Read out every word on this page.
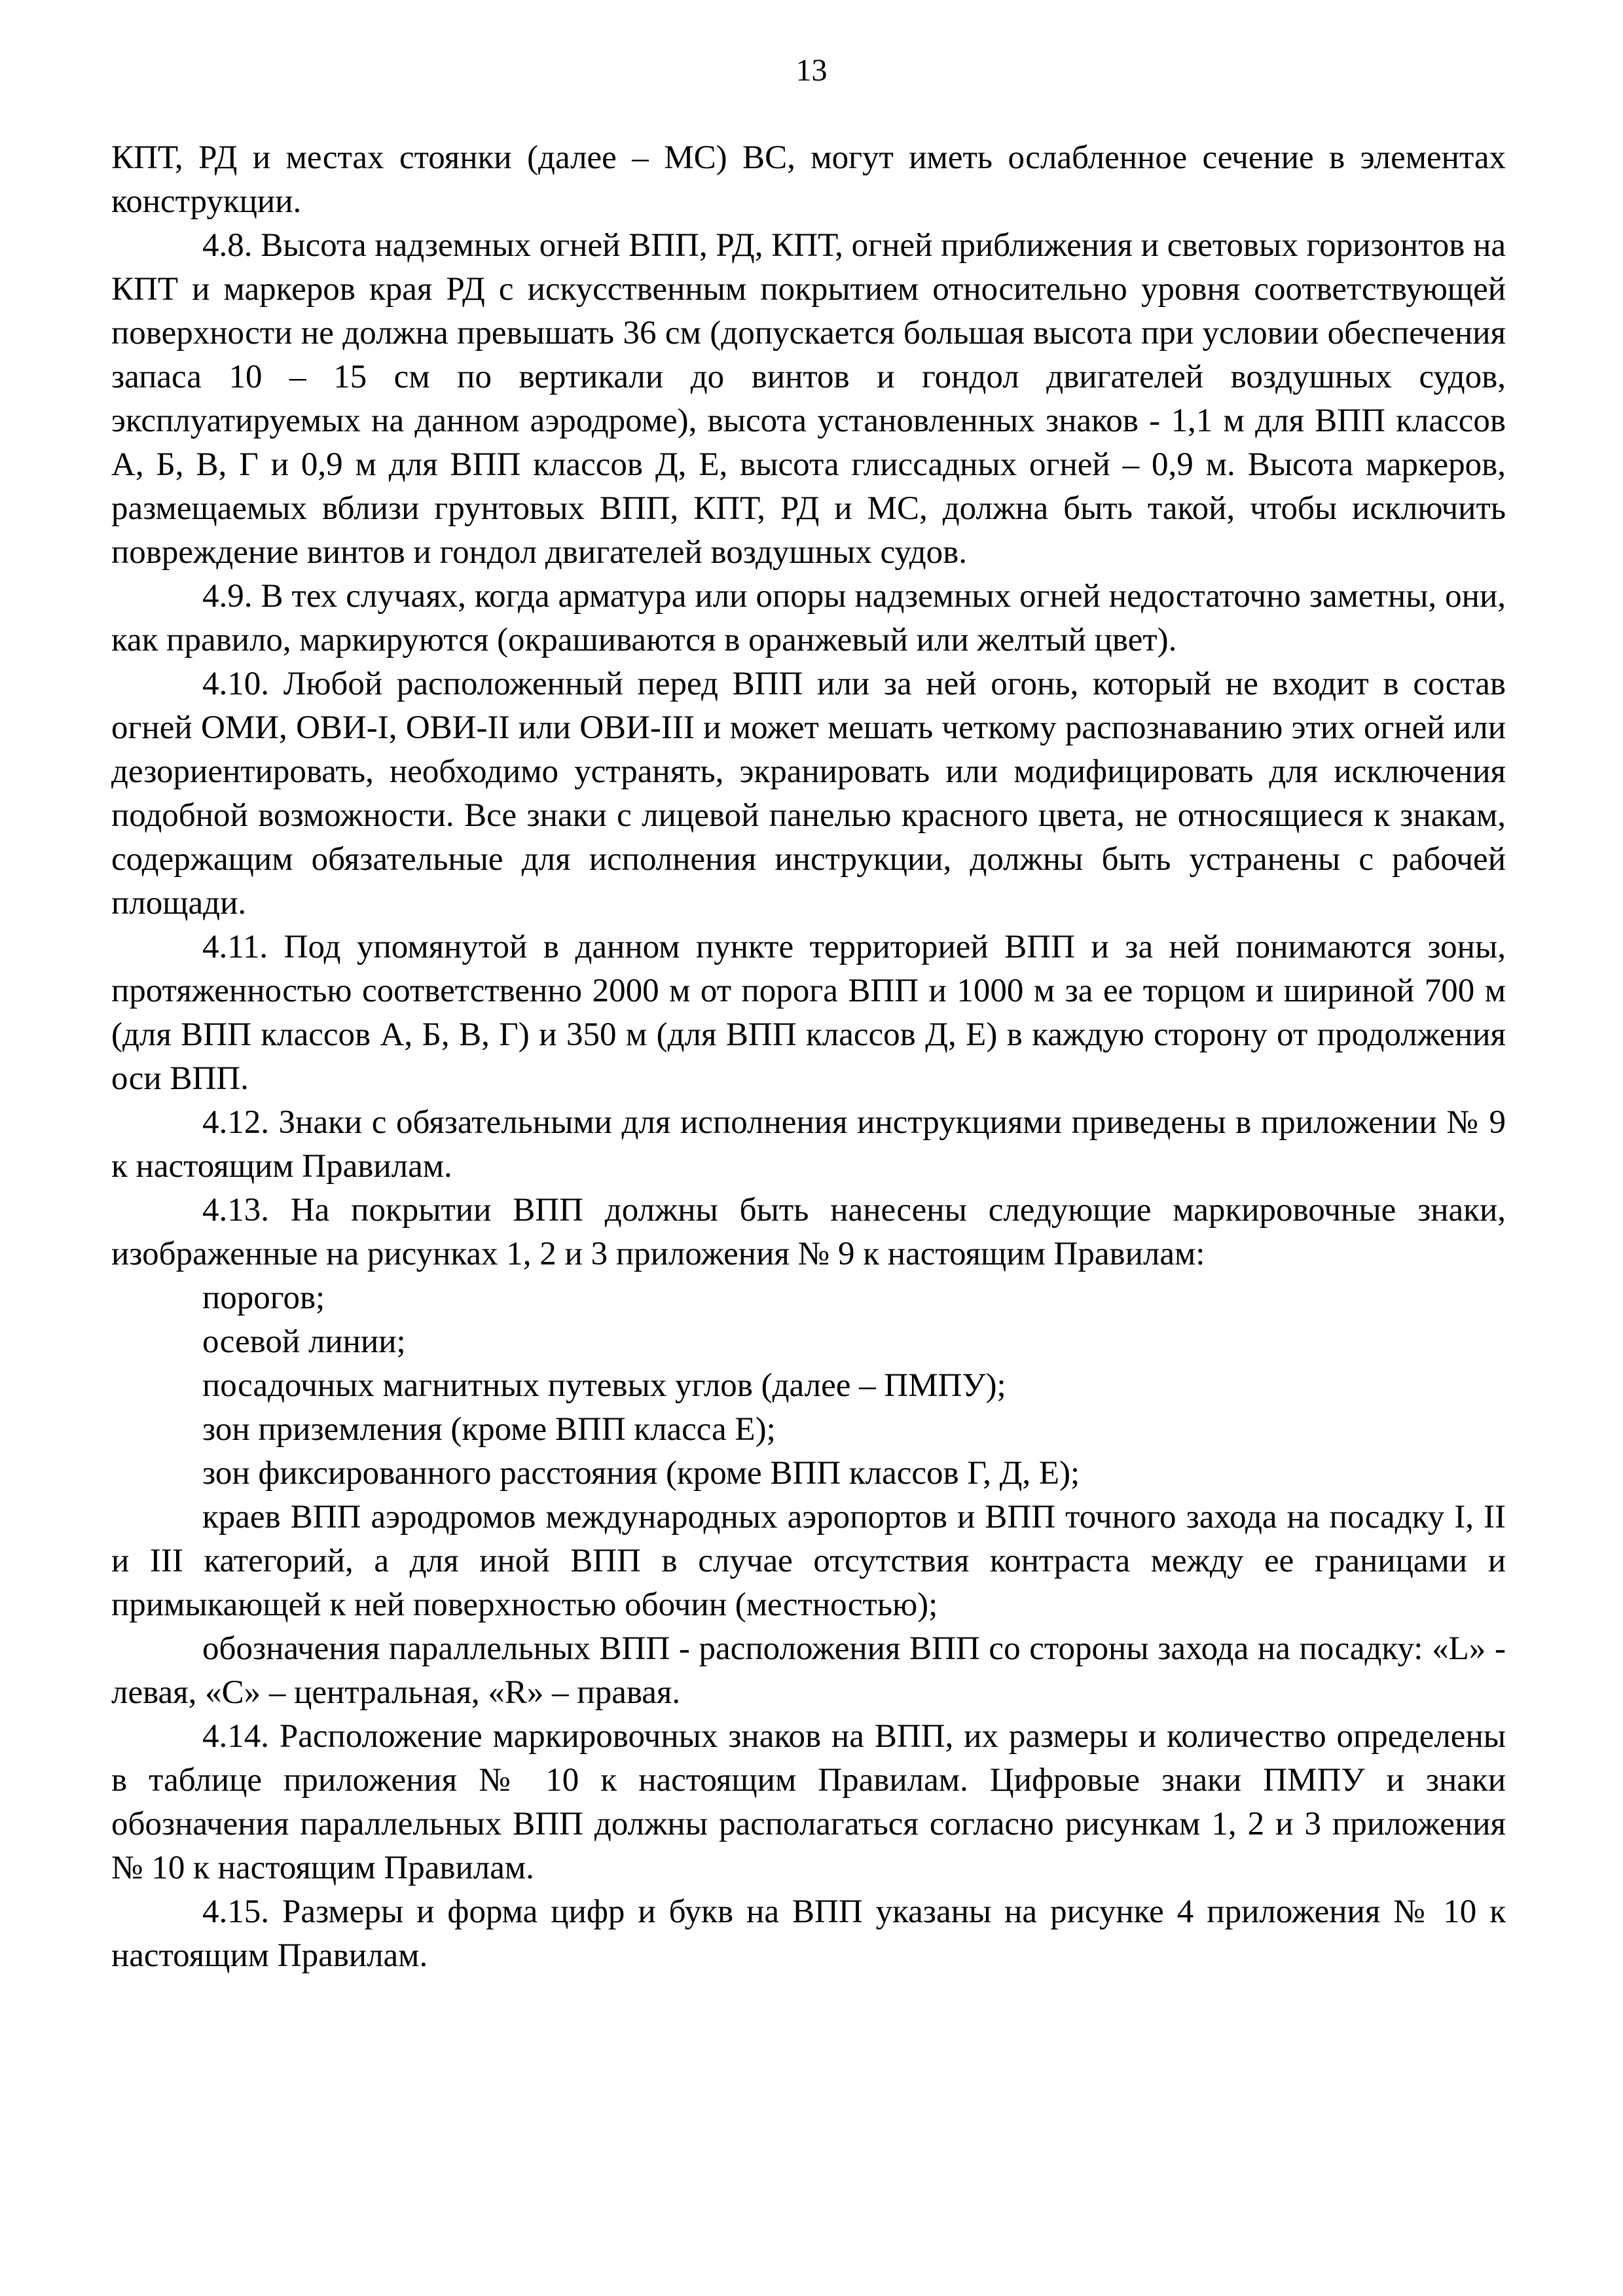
13

КПТ, РД и местах стоянки (далее – МС) ВС, могут иметь ослабленное сечение в элементах конструкции.

4.8. Высота надземных огней ВПП, РД, КПТ, огней приближения и световых горизонтов на КПТ и маркеров края РД с искусственным покрытием относительно уровня соответствующей поверхности не должна превышать 36 см (допускается большая высота при условии обеспечения запаса 10 – 15 см по вертикали до винтов и гондол двигателей воздушных судов, эксплуатируемых на данном аэродроме), высота установленных знаков - 1,1 м для ВПП классов А, Б, В, Г и 0,9 м для ВПП классов Д, Е, высота глиссадных огней – 0,9 м. Высота маркеров, размещаемых вблизи грунтовых ВПП, КПТ, РД и МС, должна быть такой, чтобы исключить повреждение винтов и гондол двигателей воздушных судов.

4.9. В тех случаях, когда арматура или опоры надземных огней недостаточно заметны, они, как правило, маркируются (окрашиваются в оранжевый или желтый цвет).

4.10. Любой расположенный перед ВПП или за ней огонь, который не входит в состав огней ОМИ, ОВИ-I, ОВИ-II или ОВИ-III и может мешать четкому распознаванию этих огней или дезориентировать, необходимо устранять, экранировать или модифицировать для исключения подобной возможности. Все знаки с лицевой панелью красного цвета, не относящиеся к знакам, содержащим обязательные для исполнения инструкции, должны быть устранены с рабочей площади.

4.11. Под упомянутой в данном пункте территорией ВПП и за ней понимаются зоны, протяженностью соответственно 2000 м от порога ВПП и 1000 м за ее торцом и шириной 700 м (для ВПП классов А, Б, В, Г) и 350 м (для ВПП классов Д, Е) в каждую сторону от продолжения оси ВПП.

4.12. Знаки с обязательными для исполнения инструкциями приведены в приложении № 9 к настоящим Правилам.

4.13. На покрытии ВПП должны быть нанесены следующие маркировочные знаки, изображенные на рисунках 1, 2 и 3 приложения № 9 к настоящим Правилам:

порогов;
осевой линии;
посадочных магнитных путевых углов (далее – ПМПУ);
зон приземления (кроме ВПП класса Е);
зон фиксированного расстояния (кроме ВПП классов Г, Д, Е);
краев ВПП аэродромов международных аэропортов и ВПП точного захода на посадку I, II и III категорий, а для иной ВПП в случае отсутствия контраста между ее границами и примыкающей к ней поверхностью обочин (местностью);
обозначения параллельных ВПП - расположения ВПП со стороны захода на посадку: «L» - левая, «C» – центральная, «R» – правая.

4.14. Расположение маркировочных знаков на ВПП, их размеры и количество определены в таблице приложения № 10 к настоящим Правилам. Цифровые знаки ПМПУ и знаки обозначения параллельных ВПП должны располагаться согласно рисункам 1, 2 и 3 приложения № 10 к настоящим Правилам.

4.15. Размеры и форма цифр и букв на ВПП указаны на рисунке 4 приложения № 10 к настоящим Правилам.
